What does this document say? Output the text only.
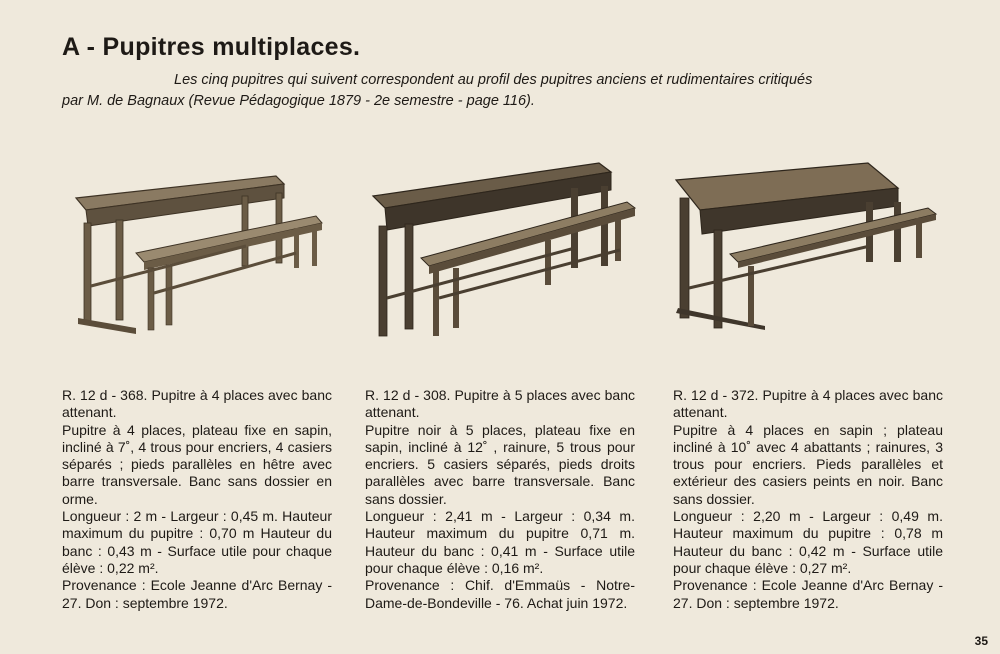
A - Pupitres multiplaces.
Les cinq pupitres qui suivent correspondent au profil des pupitres anciens et rudimentaires critiqués
par M. de Bagnaux (Revue Pédagogique 1879 - 2e semestre - page 116).

R. 12 d - 368. Pupitre à 4 places avec banc attenant.

Pupitre à 4 places, plateau fixe en sapin, incliné à 7˚, 4 trous pour encriers, 4 casiers séparés ; pieds parallèles en hêtre avec barre transversale. Banc sans dossier en orme.

Longueur : 2 m - Largeur : 0,45 m. Hauteur maximum du pupitre : 0,70 m Hauteur du banc : 0,43 m - Surface utile pour chaque élève : 0,22 m².

Provenance : Ecole Jeanne d'Arc Bernay - 27. Don : septembre 1972.

R. 12 d - 308. Pupitre à 5 places avec banc attenant.

Pupitre noir à 5 places, plateau fixe en sapin, incliné à 12˚ , rainure, 5 trous pour encriers. 5 casiers séparés, pieds droits parallèles avec barre transversale. Banc sans dossier.

Longueur : 2,41 m - Largeur : 0,34 m. Hauteur maximum du pupitre 0,71 m. Hauteur du banc : 0,41 m - Surface utile pour chaque élève : 0,16 m².

Provenance : Chif. d'Emmaüs - Notre-Dame-de-Bondeville - 76. Achat juin 1972.

R. 12 d - 372. Pupitre à 4 places avec banc attenant.

Pupitre à 4 places en sapin ; plateau incliné à 10˚ avec 4 abattants ; rainures, 3 trous pour encriers. Pieds parallèles et extérieur des casiers peints en noir. Banc sans dossier.

Longueur : 2,20 m - Largeur : 0,49 m. Hauteur maximum du pupitre : 0,78 m Hauteur du banc : 0,42 m - Surface utile pour chaque élève : 0,27 m².

Provenance : Ecole Jeanne d'Arc Bernay - 27. Don : septembre 1972.

35
